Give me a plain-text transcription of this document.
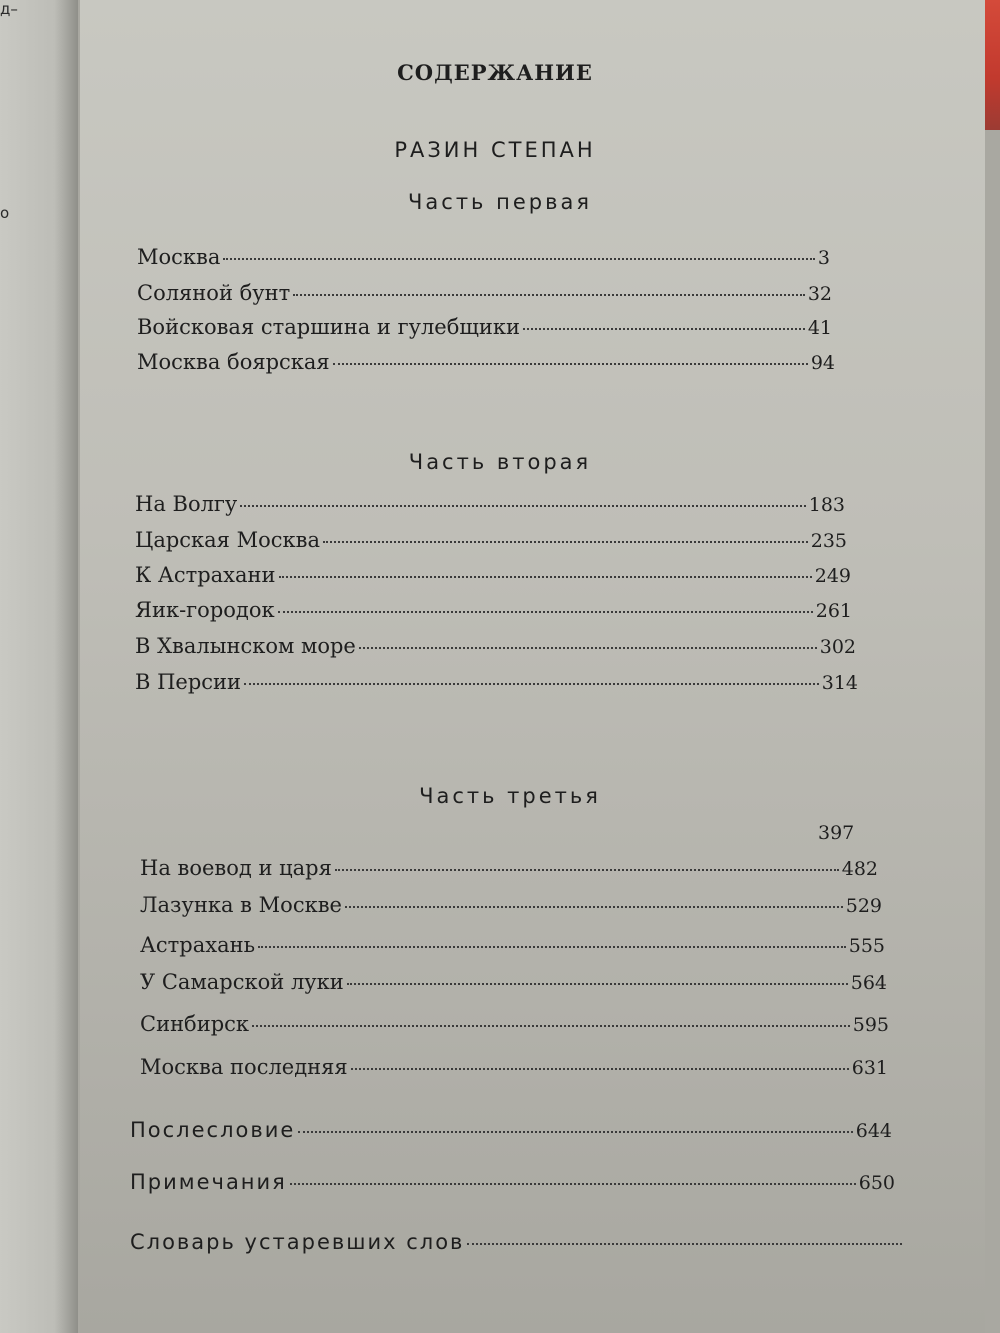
д–
о
СОДЕРЖАНИЕ
РАЗИН СТЕПАН
Часть первая
Москва	3
Соляной бунт	32
Войсковая старшина и гулебщики	41
Москва боярская	94
Часть вторая
На Волгу	183
Царская Москва	235
К Астрахани	249
Яик-городок	261
В Хвалынском море	302
В Персии	314
Часть третья
397
На воевод и царя	482
Лазунка в Москве	529
Астрахань	555
У Самарской луки	564
Синбирск	595
Москва последняя	631
Послесловие	644
Примечания	650
Словарь устаревших слов
